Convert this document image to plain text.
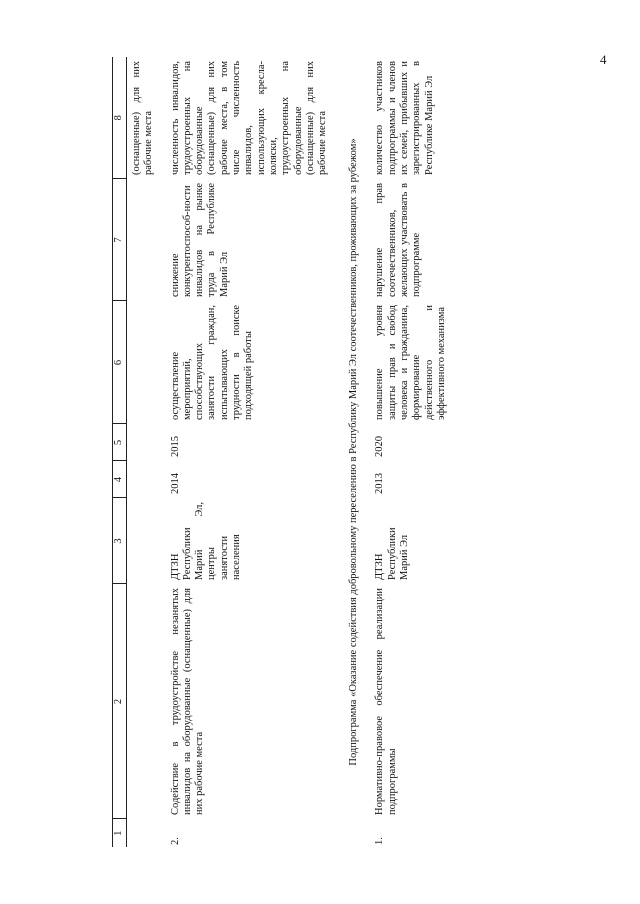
4
1	2	3	4	5	6	7	8
							(оснащенные) для них рабочие места
2.	Содействие в трудоустройстве незанятых инвалидов на оборудованные (оснащенные) для них рабочие места	ДТЗН Республики Марий Эл, центры занятости населения	2014	2015	осуществление мероприятий, способствующих занятости граждан, испытывающих трудности в поиске подходящей работы	снижение конкурентоспособ-ности инвалидов на рынке труда в Республике Марий Эл	численность инвалидов, трудоустроенных на оборудованные (оснащенные) для них рабочие места, в том числе численность инвалидов, использующих кресла-коляски, трудоустроенных на оборудованные (оснащенные) для них рабочие места
Подпрограмма «Оказание содействия добровольному переселению в Республику Марий Эл соотечественников, проживающих за рубежом»							
1.	Нормативно-правовое обеспечение реализации подпрограммы	ДТЗН Республики Марий Эл	2013	2020	повышение уровня защиты прав и свобод человека и гражданина, формирование действенного и эффективного механизма	нарушение прав соотечественников, желающих участвовать в подпрограмме	количество участников подпрограммы и членов их семей, прибывших и зарегистрированных в Республике Марий Эл
